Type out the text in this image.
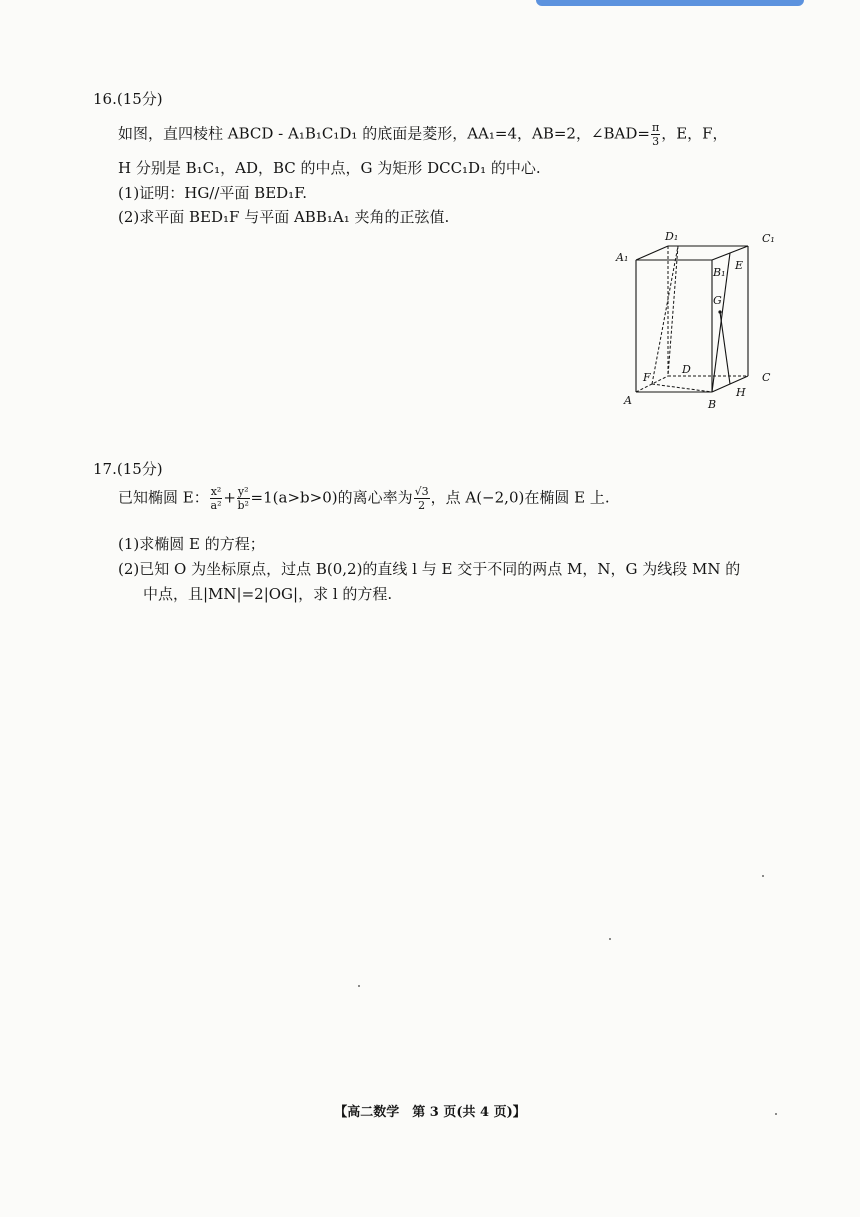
16.(15分)
如图，直四棱柱 ABCD - A₁B₁C₁D₁ 的底面是菱形，AA₁=4，AB=2，∠BAD= $\frac{\pi}{3}$ ，E，F，
H 分别是 B₁C₁，AD，BC 的中点，G 为矩形 DCC₁D₁ 的中心.
(1)证明：HG//平面 BED₁F.
(2)求平面 BED₁F 与平面 ABB₁A₁ 夹角的正弦值.
D₁	C₁
A₁
B₁
E
G
D
F	C
A
H
B
17.(15分)
已知椭圆 E： $\frac{\text{x²}}{\text{a²}} + \frac{\text{y²}}{\text{b²}} =1(a>b>0)$的离心率为 $\frac{√3}{2}$ ，点 A(−2,0)在椭圆 E 上.
(1)求椭圆 E 的方程；
(2)已知 O 为坐标原点，过点 B(0,2)的直线 l 与 E 交于不同的两点 M，N，G 为线段 MN 的
中点，且|MN|=2|OG|，求 l 的方程.
【高二数学　第 3 页(共 4 页)】
